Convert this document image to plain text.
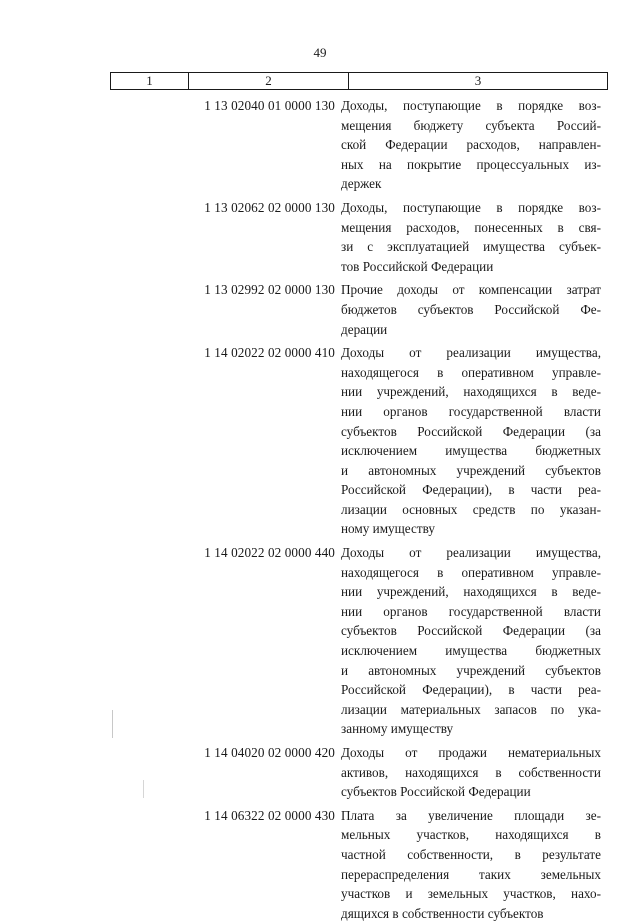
49
1	2	3
1 13 02040 01 0000 130 Доходы, поступающие в порядке воз-
мещения бюджету субъекта Россий-
ской Федерации расходов, направлен-
ных на покрытие процессуальных из-
держек
1 13 02062 02 0000 130 Доходы, поступающие в порядке воз-
мещения расходов, понесенных в свя-
зи с эксплуатацией имущества субъек-
тов Российской Федерации
1 13 02992 02 0000 130 Прочие доходы от компенсации затрат
бюджетов субъектов Российской Фе-
дерации
1 14 02022 02 0000 410 Доходы от реализации имущества,
находящегося в оперативном управле-
нии учреждений, находящихся в веде-
нии органов государственной власти
субъектов Российской Федерации (за
исключением имущества бюджетных
и автономных учреждений субъектов
Российской Федерации), в части реа-
лизации основных средств по указан-
ному имуществу
1 14 02022 02 0000 440 Доходы от реализации имущества,
находящегося в оперативном управле-
нии учреждений, находящихся в веде-
нии органов государственной власти
субъектов Российской Федерации (за
исключением имущества бюджетных
и автономных учреждений субъектов
Российской Федерации), в части реа-
лизации материальных запасов по ука-
занному имуществу
1 14 04020 02 0000 420 Доходы от продажи нематериальных
активов, находящихся в собственности
субъектов Российской Федерации
1 14 06322 02 0000 430 Плата за увеличение площади зе-
мельных участков, находящихся в
частной собственности, в результате
перераспределения таких земельных
участков и земельных участков, нахо-
дящихся в собственности субъектов
